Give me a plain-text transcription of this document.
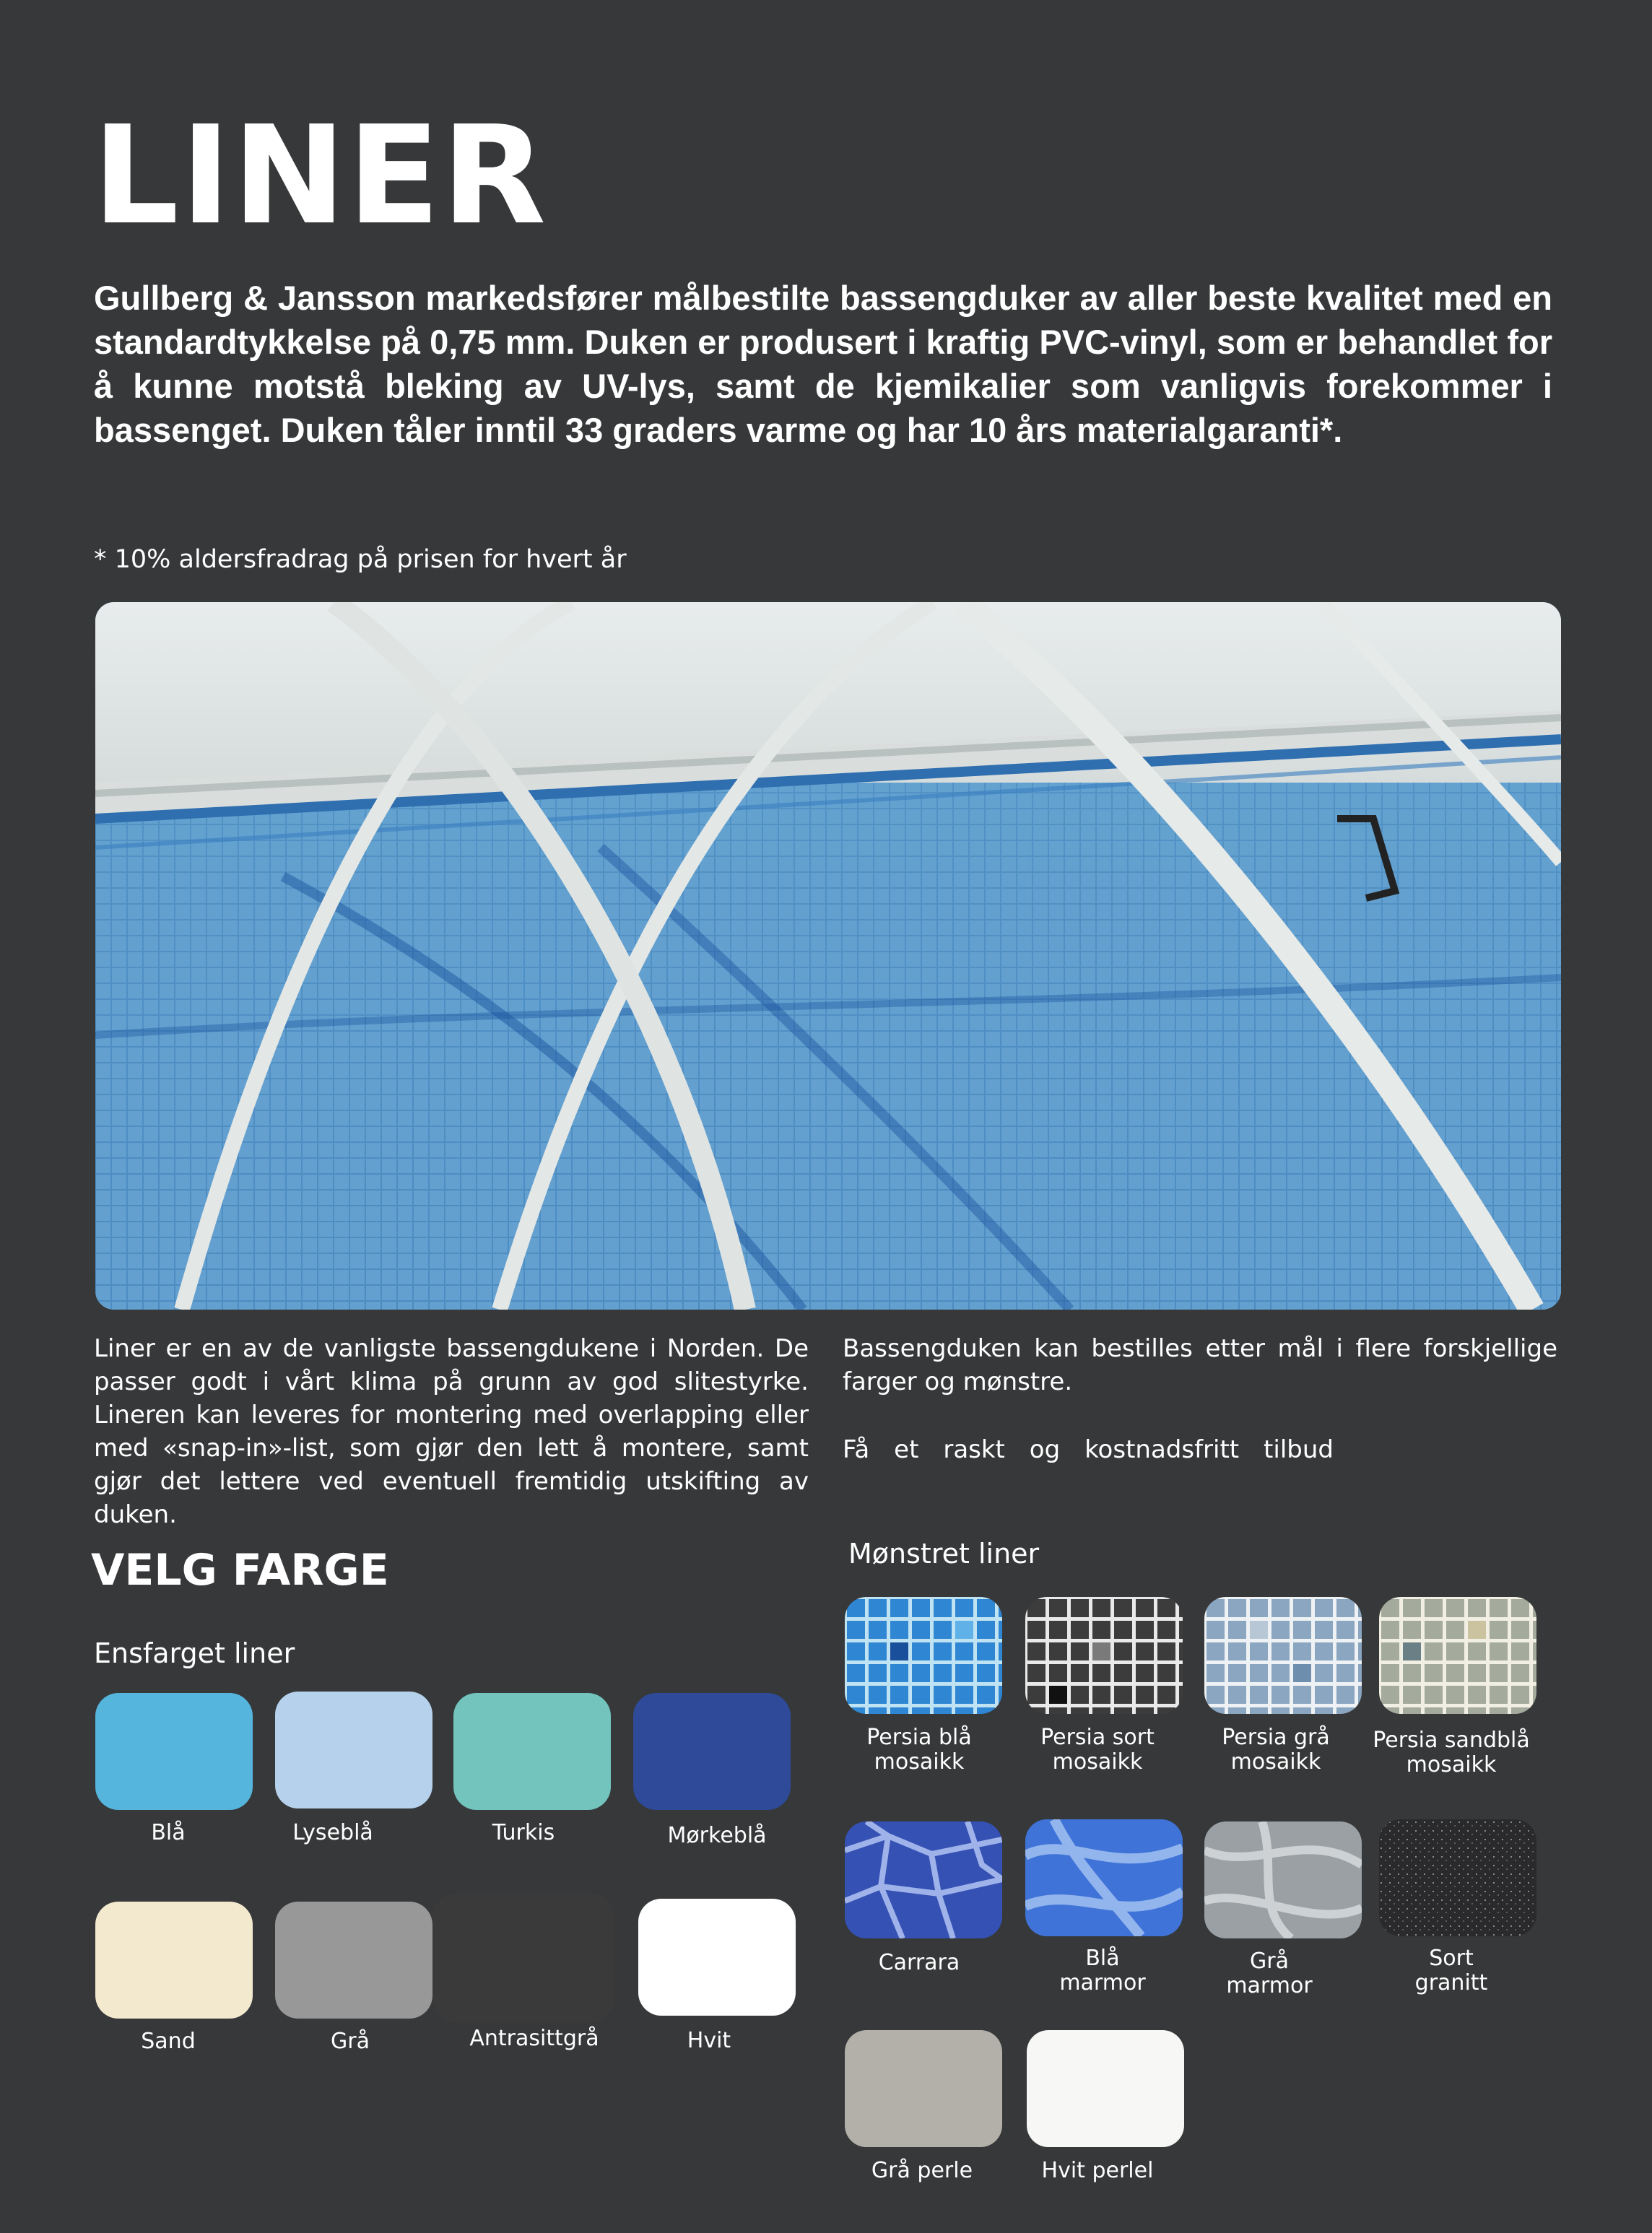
LINER
Gullberg & Jansson markedsfører målbestilte bassengduker av aller beste kvalitet med en standardtykkelse på 0,75 mm. Duken er produsert i kraftig PVC-vinyl, som er behandlet for å kunne motstå bleking av UV-lys, samt de kjemikalier som vanligvis forekommer i bassenget. Duken tåler inntil 33 graders varme og har 10 års materialgaranti*.
* 10% aldersfradrag på prisen for hvert år
Liner er en av de vanligste bassengdukene i Norden. De passer godt i vårt klima på grunn av god slitestyrke. Lineren kan leveres for montering med overlapping eller med «snap-in»-list, som gjør den lett å montere, samt gjør det lettere ved eventuell fremtidig utskifting av duken.
Bassengduken kan bestilles etter mål i flere forskjellige farger og mønstre.
Få et raskt og kostnadsfritt tilbud
VELG FARGE
Ensfarget liner
Mønstret liner
Blå	Lyseblå	Turkis	Mørkeblå
Sand	Grå	Antrasittgrå	Hvit
Persia blå
mosaikk
Persia sort
mosaikk
Persia grå
mosaikk
Persia sandblå
mosaikk
Carrara	Blå
marmor
Grå
marmor
Sort
granitt
Grå perle	Hvit perlel
